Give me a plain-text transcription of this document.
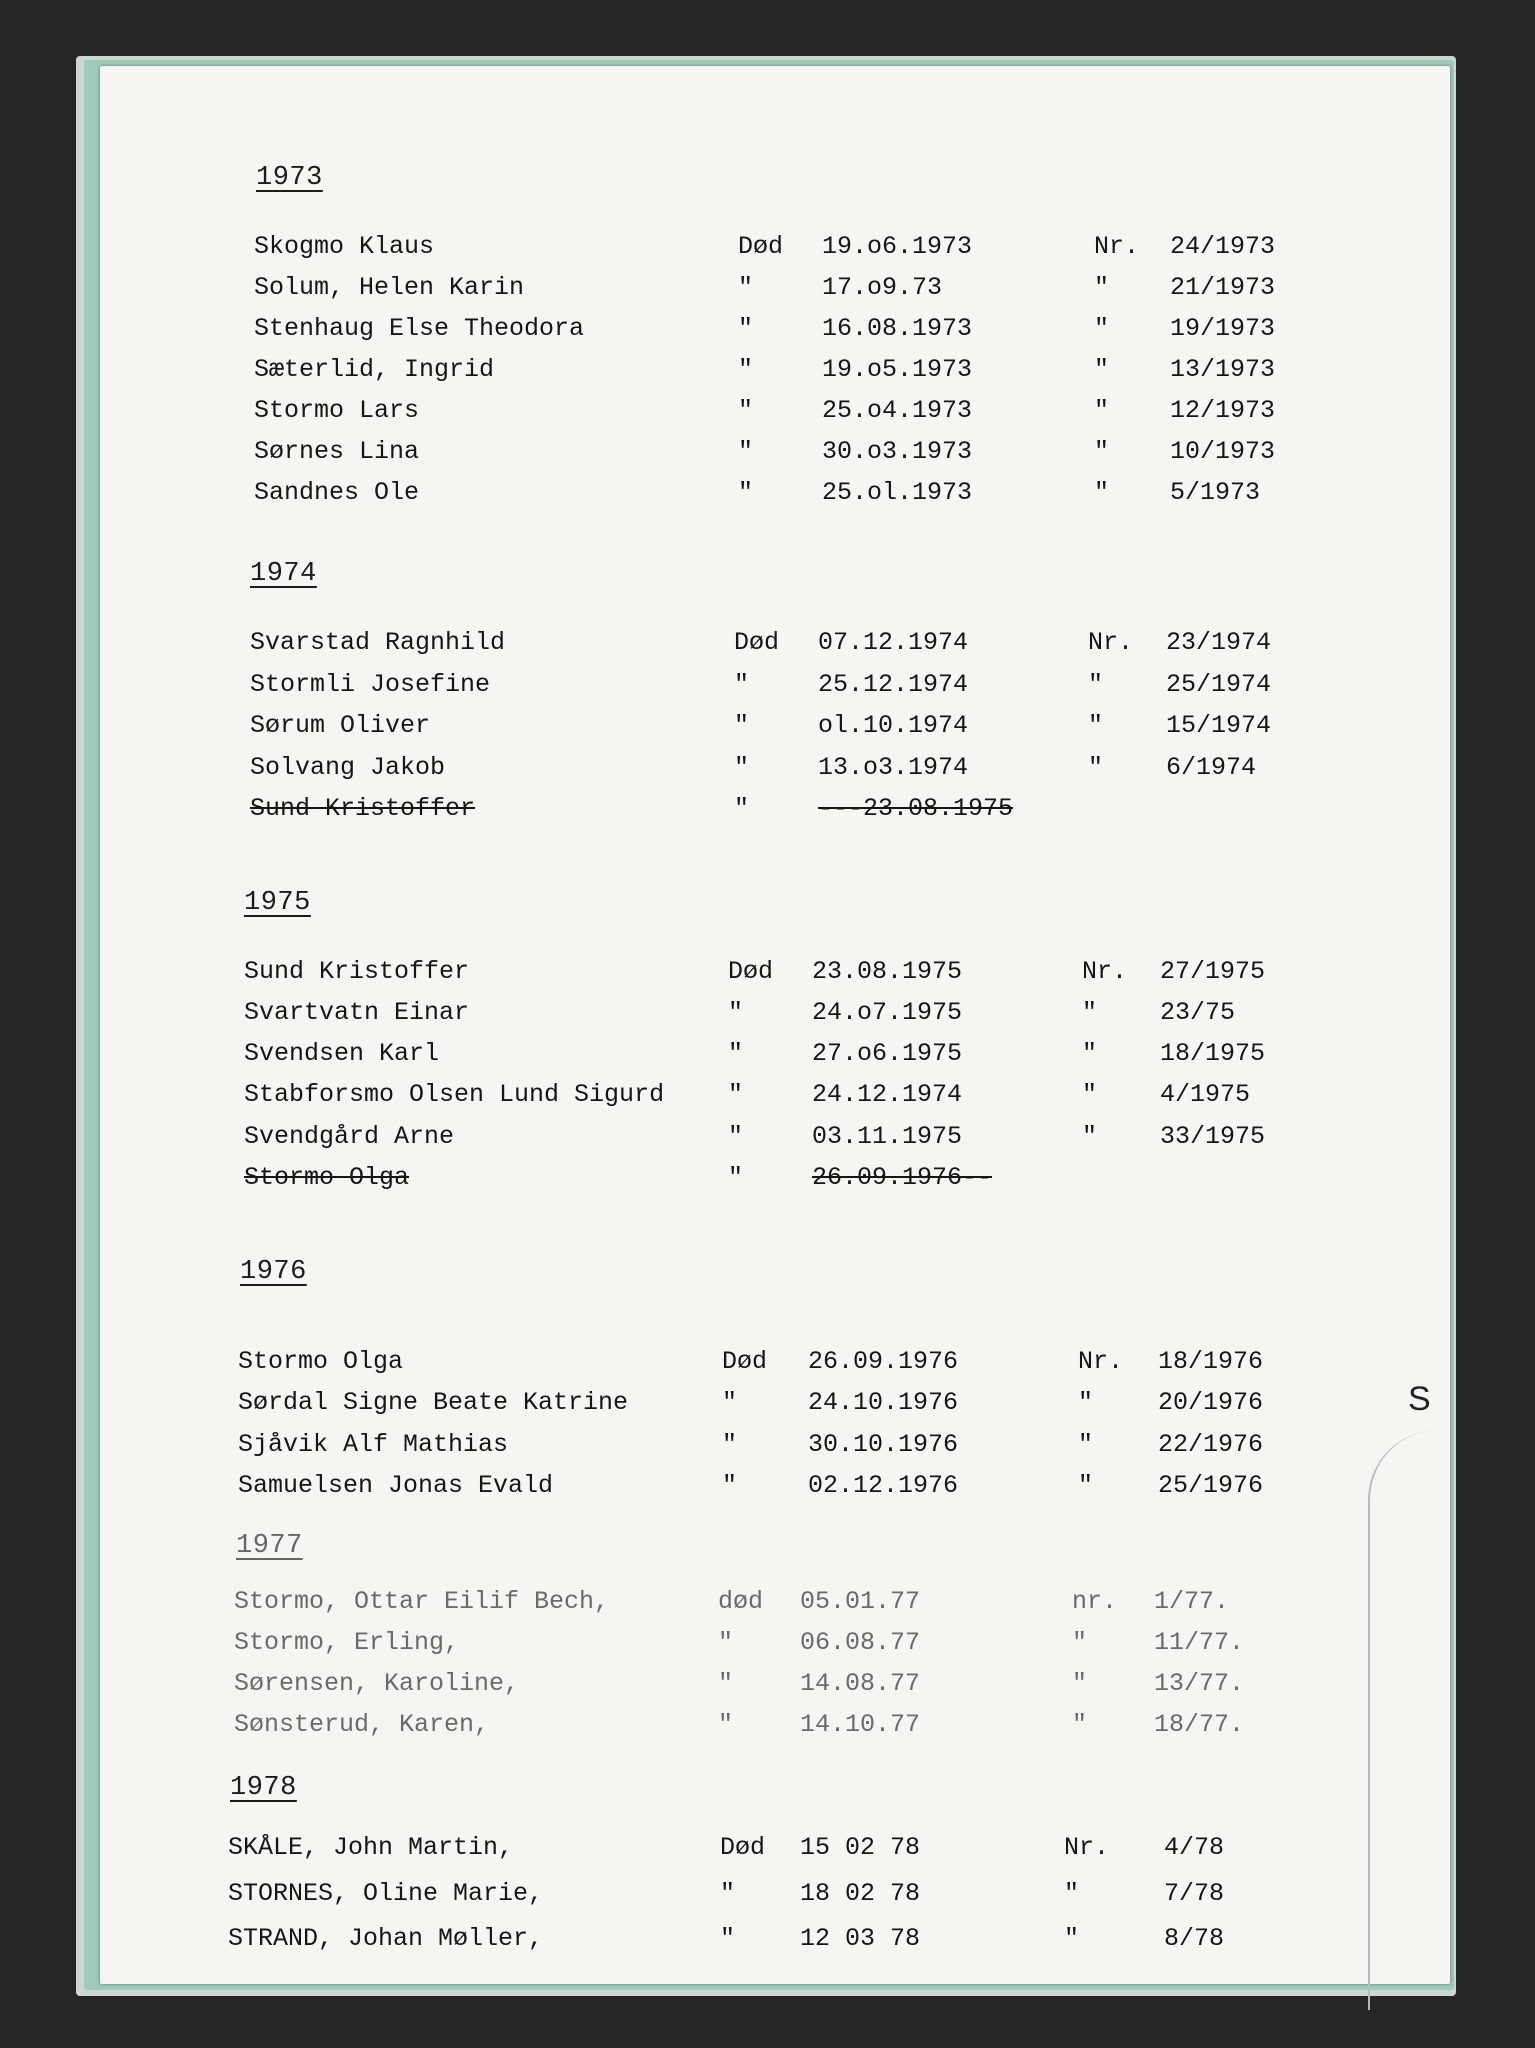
S
1973
Skogmo Klaus	Død 19.o6.1973	Nr. 24/1973
Solum, Helen Karin	"	17.o9.73	" 21/1973
Stenhaug Else Theodora	"	16.08.1973	" 19/1973
Sæterlid, Ingrid	"	19.o5.1973	" 13/1973
Stormo Lars	"	25.o4.1973	" 12/1973
Sørnes Lina	"	30.o3.1973	" 10/1973
Sandnes Ole	"	25.ol.1973	" 5/1973
1974
Svarstad Ragnhild	Død 07.12.1974	Nr. 23/1974
Stormli Josefine	"	25.12.1974	"	25/1974
Sørum Oliver	"	ol.10.1974	"	15/1974
Solvang Jakob	"	13.o3.1974	"	6/1974
Sund Kristoffer	"	---23.08.1975
1975
Sund Kristoffer	Død 23.08.1975	Nr. 27/1975
Svartvatn Einar	"	24.o7.1975	"	23/75
Svendsen Karl	"	27.o6.1975	"	18/1975
Stabforsmo Olsen Lund Sigurd	"	24.12.1974	"	4/1975
Svendgård Arne	"	03.11.1975	"	33/1975
Stormo Olga	"	26.09.1976--
1976
Stormo Olga	Død 26.09.1976	Nr. 18/1976
Sørdal Signe Beate Katrine	"	24.10.1976	"	20/1976
Sjåvik Alf Mathias	"	30.10.1976	"	22/1976
Samuelsen Jonas Evald	"	02.12.1976	"	25/1976
1977
Stormo, Ottar Eilif Bech,	død 05.01.77	nr. 1/77.
Stormo, Erling,	"	06.08.77	"	11/77.
Sørensen, Karoline,	"	14.08.77	"	13/77.
Sønsterud, Karen,	"	14.10.77	"	18/77.
1978
SKÅLE, John Martin,	Død 15 02 78	Nr. 4/78
STORNES, Oline Marie,	"	18 02 78	"	7/78
STRAND, Johan Møller,	"	12 03 78	"	8/78
